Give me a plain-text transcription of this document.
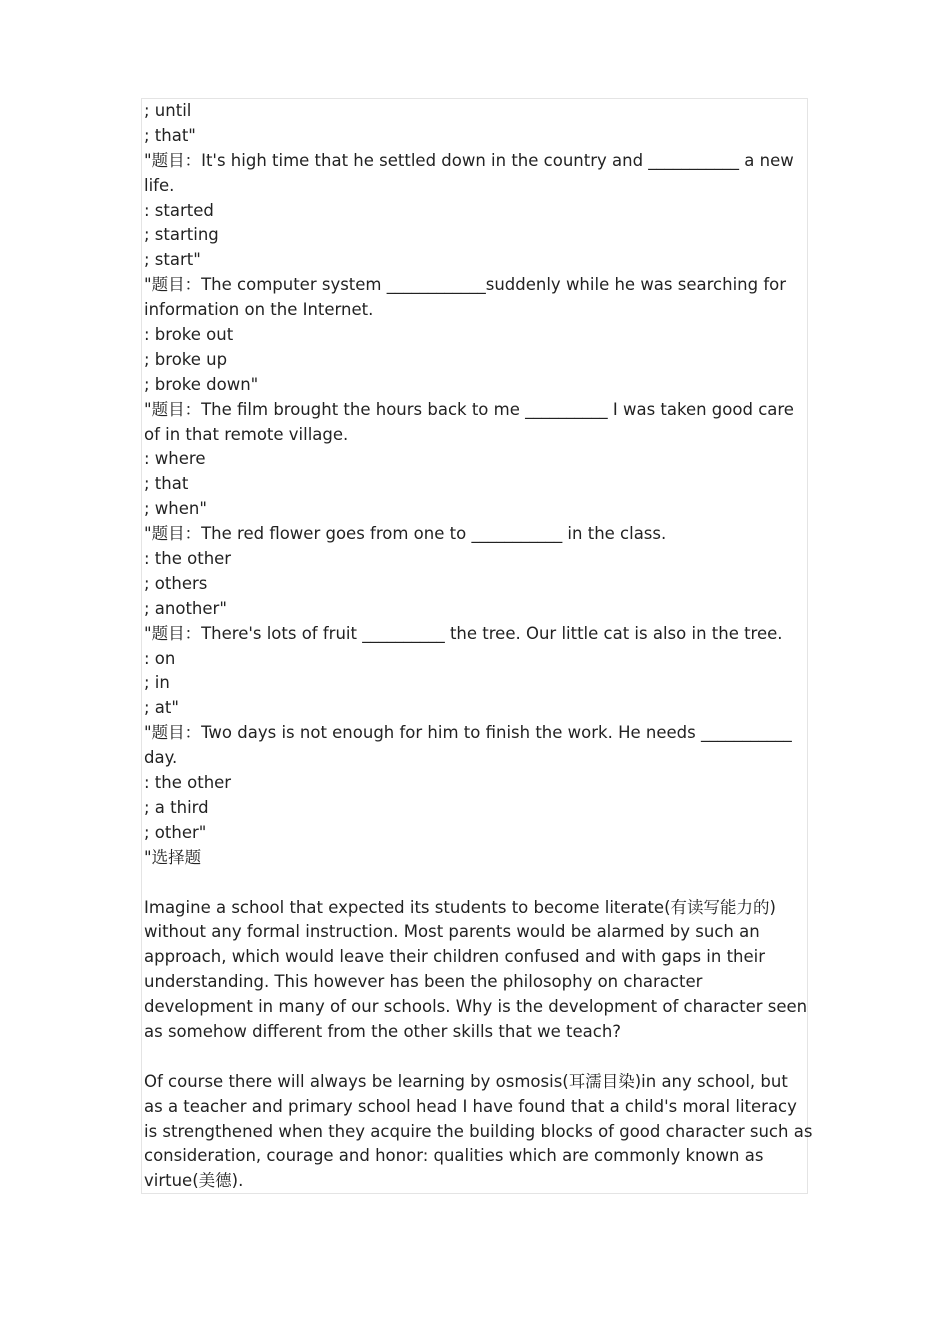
; until
; that"
"题目：It's high time that he settled down in the country and ___________ a new
life.
: started
; starting
; start"
"题目：The computer system ____________suddenly while he was searching for
information on the Internet.
: broke out
; broke up
; broke down"
"题目：The film brought the hours back to me __________ I was taken good care
of in that remote village.
: where
; that
; when"
"题目：The red flower goes from one to ___________ in the class.
: the other
; others
; another"
"题目：There's lots of fruit __________ the tree. Our little cat is also in the tree.
: on
; in
; at"
"题目：Two days is not enough for him to finish the work. He needs ___________
day.
: the other
; a third
; other"
"选择题
Imagine a school that expected its students to become literate(有读写能力的)
without any formal instruction. Most parents would be alarmed by such an
approach, which would leave their children confused and with gaps in their
understanding. This however has been the philosophy on character
development in many of our schools. Why is the development of character seen
as somehow different from the other skills that we teach?
Of course there will always be learning by osmosis(耳濡目染)in any school, but
as a teacher and primary school head I have found that a child's moral literacy
is strengthened when they acquire the building blocks of good character such as
consideration, courage and honor: qualities which are commonly known as
virtue(美德).
